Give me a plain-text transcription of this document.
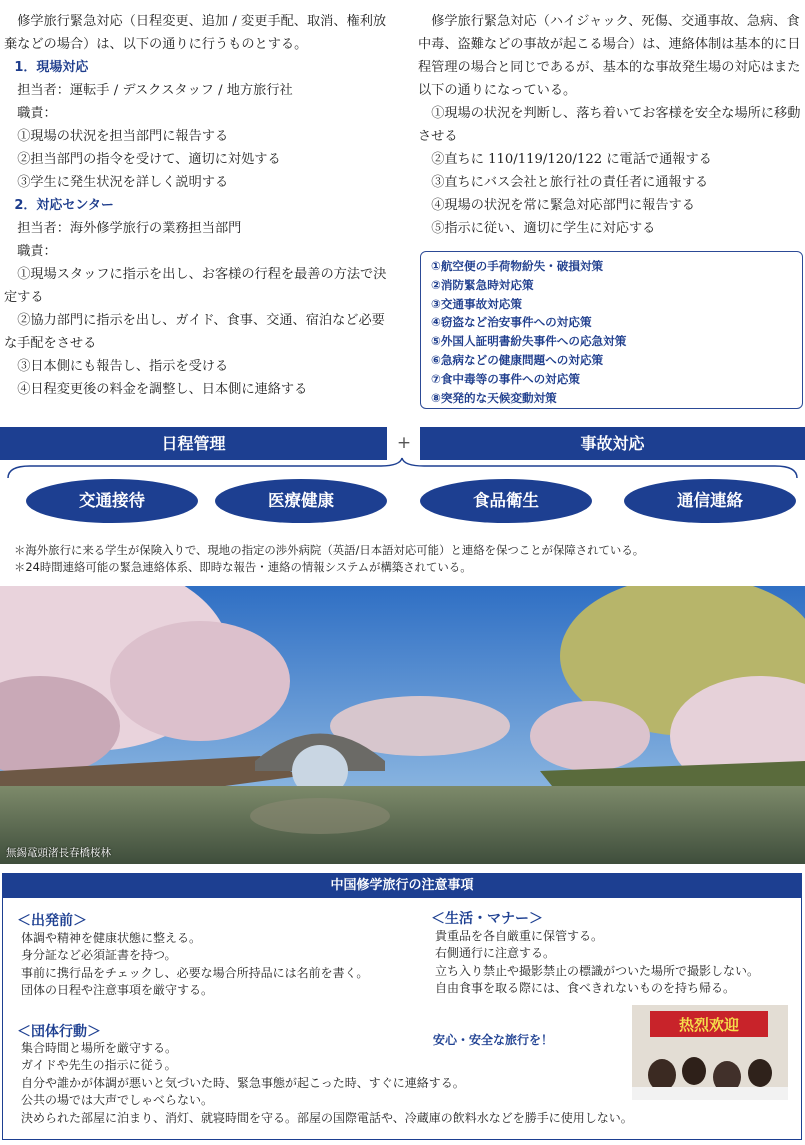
修学旅行緊急対応（日程変更、追加 / 変更手配、取消、権利放棄などの場合）は、以下の通りに行うものとする。

1．現場対応

担当者：運転手 / デスクスタッフ / 地方旅行社

職責：

①現場の状況を担当部門に報告する

②担当部門の指令を受けて、適切に対処する

③学生に発生状況を詳しく説明する

2．対応センター

担当者：海外修学旅行の業務担当部門

職責：

①現場スタッフに指示を出し、お客様の行程を最善の方法で決定する

②協力部門に指示を出し、ガイド、食事、交通、宿泊など必要な手配をさせる

③日本側にも報告し、指示を受ける

④日程変更後の料金を調整し、日本側に連絡する

修学旅行緊急対応（ハイジャック、死傷、交通事故、急病、食中毒、盗難などの事故が起こる場合）は、連絡体制は基本的に日程管理の場合と同じであるが、基本的な事故発生場の対応はまた以下の通りになっている。

①現場の状況を判断し、落ち着いてお客様を安全な場所に移動させる

②直ちに 110/119/120/122 に電話で通報する

③直ちにバス会社と旅行社の責任者に通報する

④現場の状況を常に緊急対応部門に報告する

⑤指示に従い、適切に学生に対応する

①航空便の手荷物紛失・破損対策
②消防緊急時対応策
③交通事故対応策
④窃盗など治安事件への対応策
⑤外国人証明書紛失事件への応急対策
⑥急病などの健康問題への対応策
⑦食中毒等の事件への対応策
⑧突発的な天候変動対策
日程管理	+	事故対応
交通接待	医療健康	食品衛生	通信連絡
＊海外旅行に来る学生が保険入りで、現地の指定の渉外病院（英語/日本語対応可能）と連絡を保つことが保障されている。
＊24時間連絡可能の緊急連絡体系、即時な報告・連絡の情報システムが構築されている。
無錫鼋頭渚長春橋桜林
中国修学旅行の注意事項
＜出発前＞
体調や精神を健康状態に整える。
身分証など必須証書を持つ。
事前に携行品をチェックし、必要な場合所持品には名前を書く。
団体の日程や注意事項を厳守する。
＜生活・マナー＞
貴重品を各自厳重に保管する。
右側通行に注意する。
立ち入り禁止や撮影禁止の標識がついた場所で撮影しない。
自由食事を取る際には、食べきれないものを持ち帰る。
＜団体行動＞
集合時間と場所を厳守する。
ガイドや先生の指示に従う。
自分や誰かが体調が悪いと気づいた時、緊急事態が起こった時、すぐに連絡する。
公共の場では大声でしゃべらない。
決められた部屋に泊まり、消灯、就寝時間を守る。部屋の国際電話や、冷蔵庫の飲料水などを勝手に使用しない。
安心・安全な旅行を！
热烈欢迎
